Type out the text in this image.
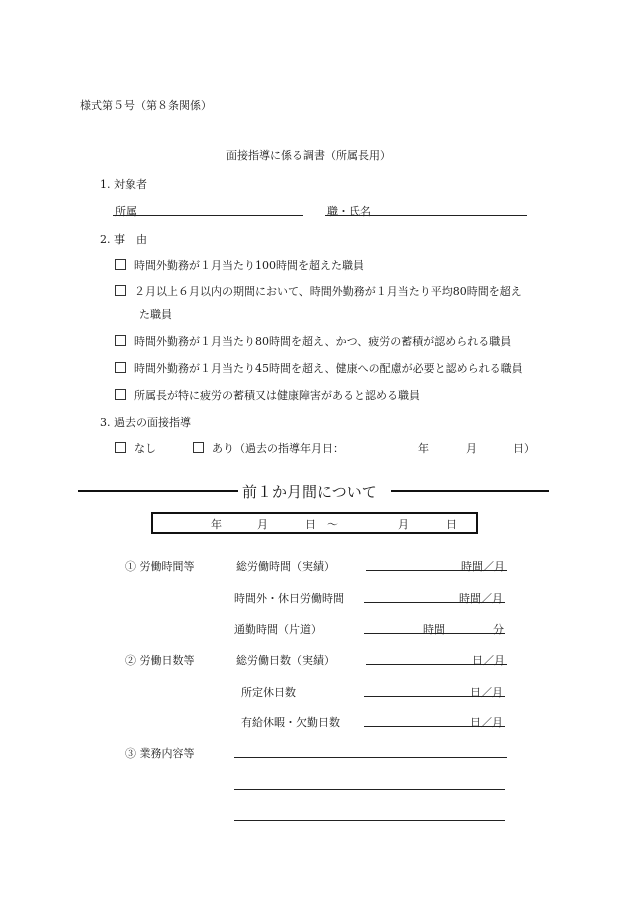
様式第５号（第８条関係）
面接指導に係る調書（所属長用）
1. 対象者
所属	職・氏名
2. 事　由
時間外勤務が１月当たり100時間を超えた職員
２月以上６月以内の期間において、時間外勤務が１月当たり平均80時間を超え
た職員
時間外勤務が１月当たり80時間を超え、かつ、疲労の蓄積が認められる職員
時間外勤務が１月当たり45時間を超え、健康への配慮が必要と認められる職員
所属長が特に疲労の蓄積又は健康障害があると認める職員
3. 過去の面接指導
なし	あり（過去の指導年月日：	年	月	日）
前１か月間について
年	月	日 ～	月	日
① 労働時間等	総労働時間（実績）	時間／月
時間外・休日労働時間	時間／月
通勤時間（片道）	時間	分
② 労働日数等	総労働日数（実績）	日／月
所定休日数	日／月
有給休暇・欠勤日数	日／月
③ 業務内容等
